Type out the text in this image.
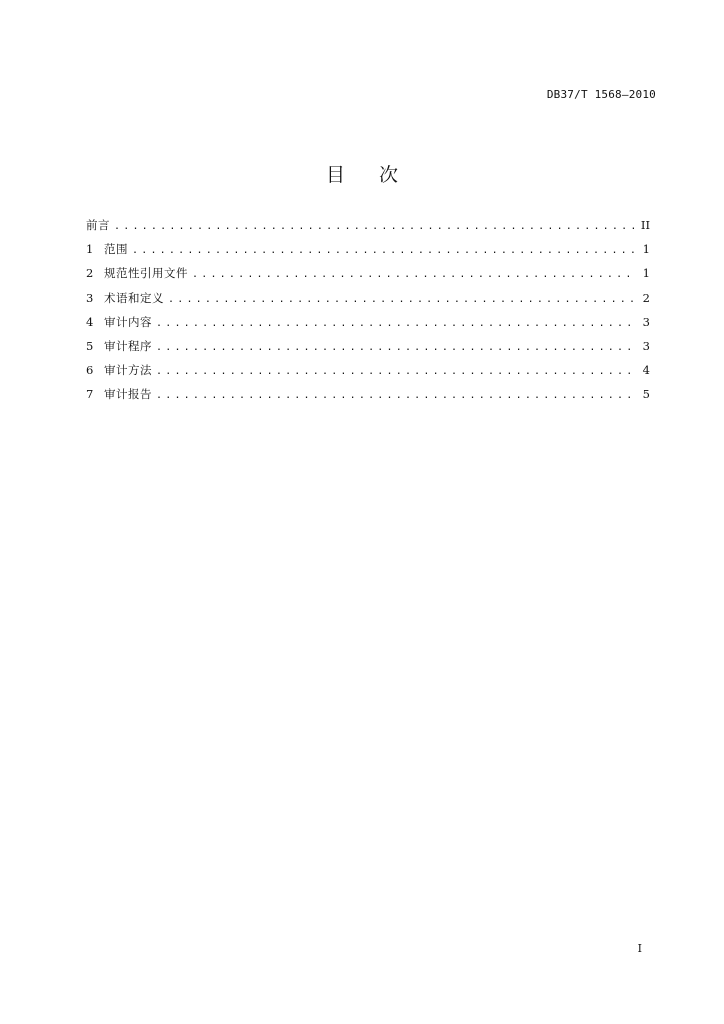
DB37/T 1568—2010
目 次
前言 .....	II
1 范围 .....	1
2 规范性引用文件 .....	1
3 术语和定义 .....	2
4 审计内容 .....	3
5 审计程序 .....	3
6 审计方法 .....	4
7 审计报告 .....	5
I
